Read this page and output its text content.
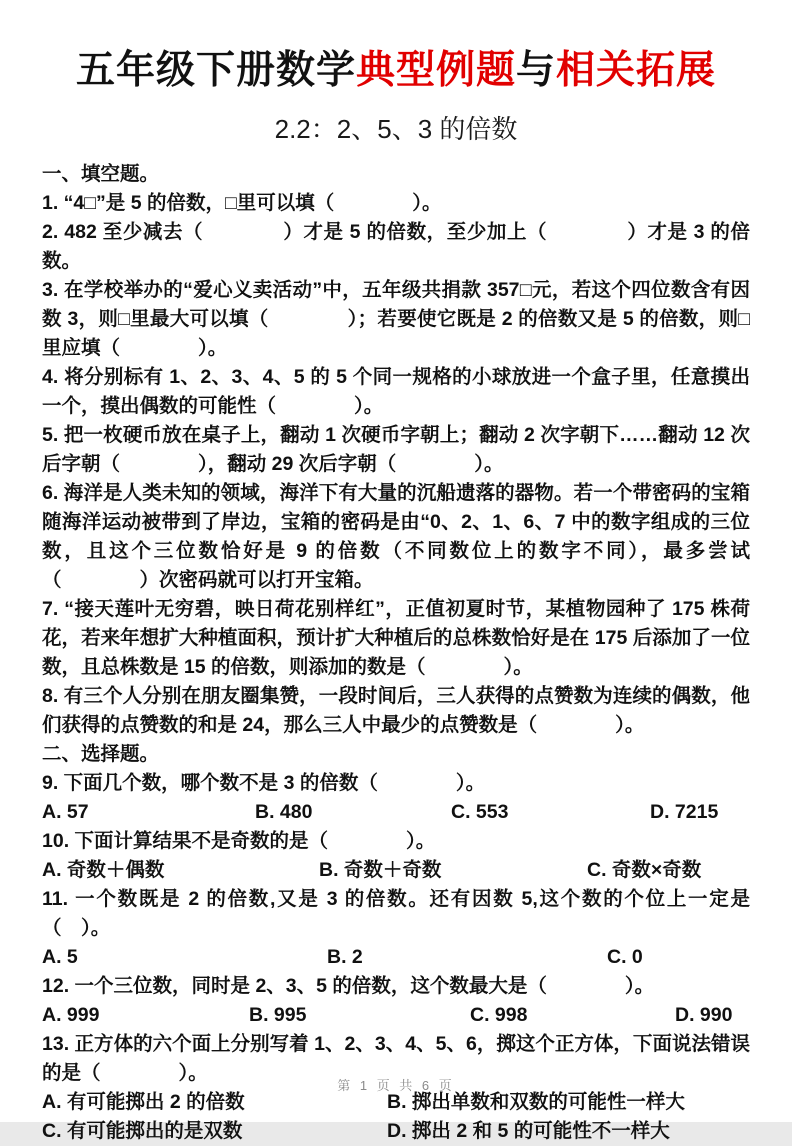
五年级下册数学典型例题与相关拓展
2.2：2、5、3 的倍数

一、填空题。

1. “4□”是 5 的倍数，□里可以填（　　　　）。

2. 482 至少减去（　　　　）才是 5 的倍数，至少加上（　　　　）才是 3 的倍数。

3. 在学校举办的“爱心义卖活动”中，五年级共捐款 357□元，若这个四位数含有因数 3，则□里最大可以填（　　　　）；若要使它既是 2 的倍数又是 5 的倍数，则□里应填（　　　　）。

4. 将分别标有 1、2、3、4、5 的 5 个同一规格的小球放进一个盒子里，任意摸出一个，摸出偶数的可能性（　　　　）。

5. 把一枚硬币放在桌子上，翻动 1 次硬币字朝上；翻动 2 次字朝下……翻动 12 次后字朝（　　　　），翻动 29 次后字朝（　　　　）。

6. 海洋是人类未知的领域，海洋下有大量的沉船遗落的器物。若一个带密码的宝箱随海洋运动被带到了岸边，宝箱的密码是由“0、2、1、6、7 中的数字组成的三位数，且这个三位数恰好是 9 的倍数（不同数位上的数字不同），最多尝试（　　　　）次密码就可以打开宝箱。

7. “接天莲叶无穷碧，映日荷花别样红”，正值初夏时节，某植物园种了 175 株荷花，若来年想扩大种植面积，预计扩大种植后的总株数恰好是在 175 后添加了一位数，且总株数是 15 的倍数，则添加的数是（　　　　）。

8. 有三个人分别在朋友圈集赞，一段时间后，三人获得的点赞数为连续的偶数，他们获得的点赞数的和是 24，那么三人中最少的点赞数是（　　　　）。

二、选择题。

9. 下面几个数，哪个数不是 3 的倍数（　　　　）。

A. 57	B. 480	C. 553	D. 7215

10. 下面计算结果不是奇数的是（　　　　）。

A. 奇数＋偶数	B. 奇数＋奇数	C. 奇数×奇数

11. 一个数既是 2 的倍数,又是 3 的倍数。还有因数 5,这个数的个位上一定是（　）。

A. 5	B. 2	C. 0

12. 一个三位数，同时是 2、3、5 的倍数，这个数最大是（　　　　）。

A. 999	B. 995	C. 998	D. 990

13. 正方体的六个面上分别写着 1、2、3、4、5、6，掷这个正方体，下面说法错误的是（　　　　）。

A. 有可能掷出 2 的倍数	B. 掷出单数和双数的可能性一样大
C. 有可能掷出的是双数	D. 掷出 2 和 5 的可能性不一样大
第 1 页 共 6 页
